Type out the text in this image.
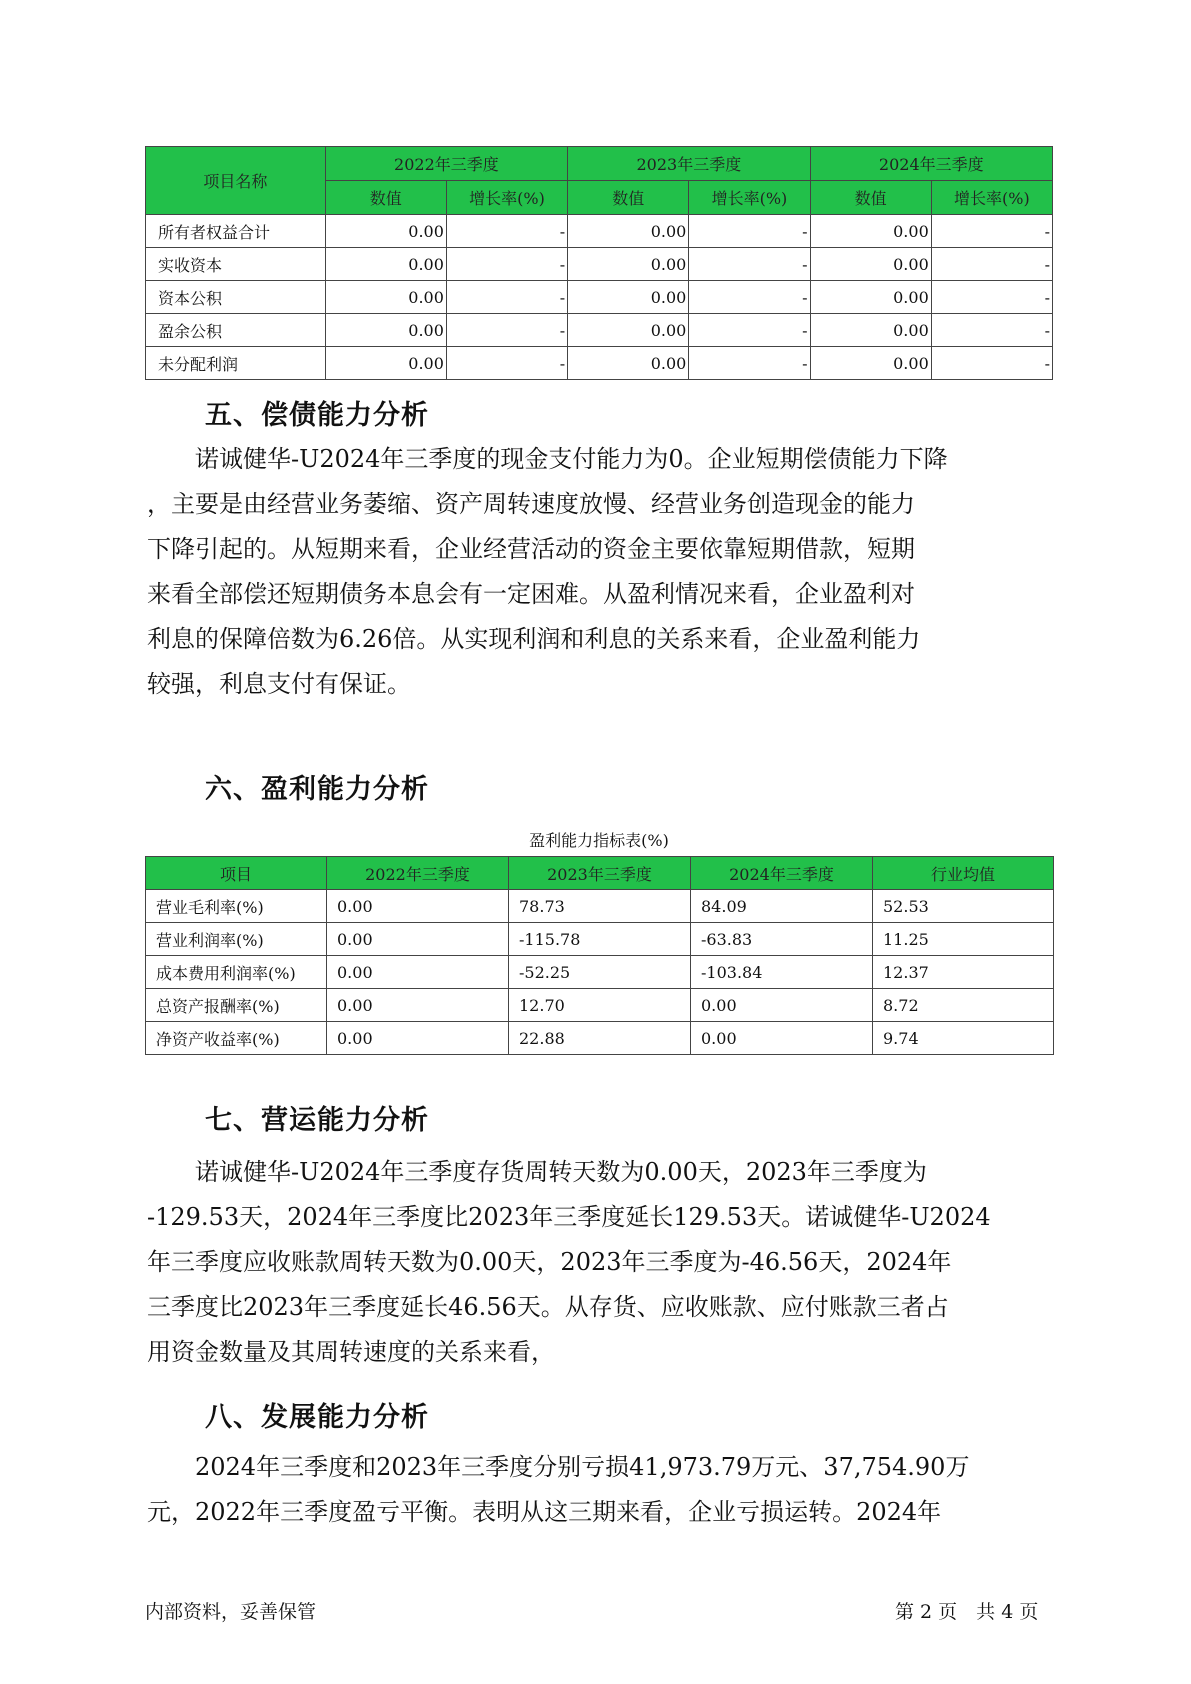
项目名称	2022年三季度		2023年三季度		2024年三季度	
	数值	增长率(%)	数值	增长率(%)	数值	增长率(%)
所有者权益合计	0.00	-	0.00	-	0.00	-
实收资本	0.00	-	0.00	-	0.00	-
资本公积	0.00	-	0.00	-	0.00	-
盈余公积	0.00	-	0.00	-	0.00	-
未分配利润	0.00	-	0.00	-	0.00	-
五、偿债能力分析
　　诺诚健华-U2024年三季度的现金支付能力为0。企业短期偿债能力下降
，主要是由经营业务萎缩、资产周转速度放慢、经营业务创造现金的能力
下降引起的。从短期来看，企业经营活动的资金主要依靠短期借款，短期
来看全部偿还短期债务本息会有一定困难。从盈利情况来看，企业盈利对
利息的保障倍数为6.26倍。从实现利润和利息的关系来看，企业盈利能力
较强，利息支付有保证。
六、盈利能力分析
盈利能力指标表(%)
项目	2022年三季度	2023年三季度	2024年三季度	行业均值
营业毛利率(%)	0.00	78.73	84.09	52.53
营业利润率(%)	0.00	-115.78	-63.83	11.25
成本费用利润率(%)	0.00	-52.25	-103.84	12.37
总资产报酬率(%)	0.00	12.70	0.00	8.72
净资产收益率(%)	0.00	22.88	0.00	9.74
七、营运能力分析
　　诺诚健华-U2024年三季度存货周转天数为0.00天，2023年三季度为
-129.53天，2024年三季度比2023年三季度延长129.53天。诺诚健华-U2024
年三季度应收账款周转天数为0.00天，2023年三季度为-46.56天，2024年
三季度比2023年三季度延长46.56天。从存货、应收账款、应付账款三者占
用资金数量及其周转速度的关系来看，
八、发展能力分析
　　2024年三季度和2023年三季度分别亏损41,973.79万元、37,754.90万
元，2022年三季度盈亏平衡。表明从这三期来看，企业亏损运转。2024年
内部资料，妥善保管	第 2 页　共 4 页
